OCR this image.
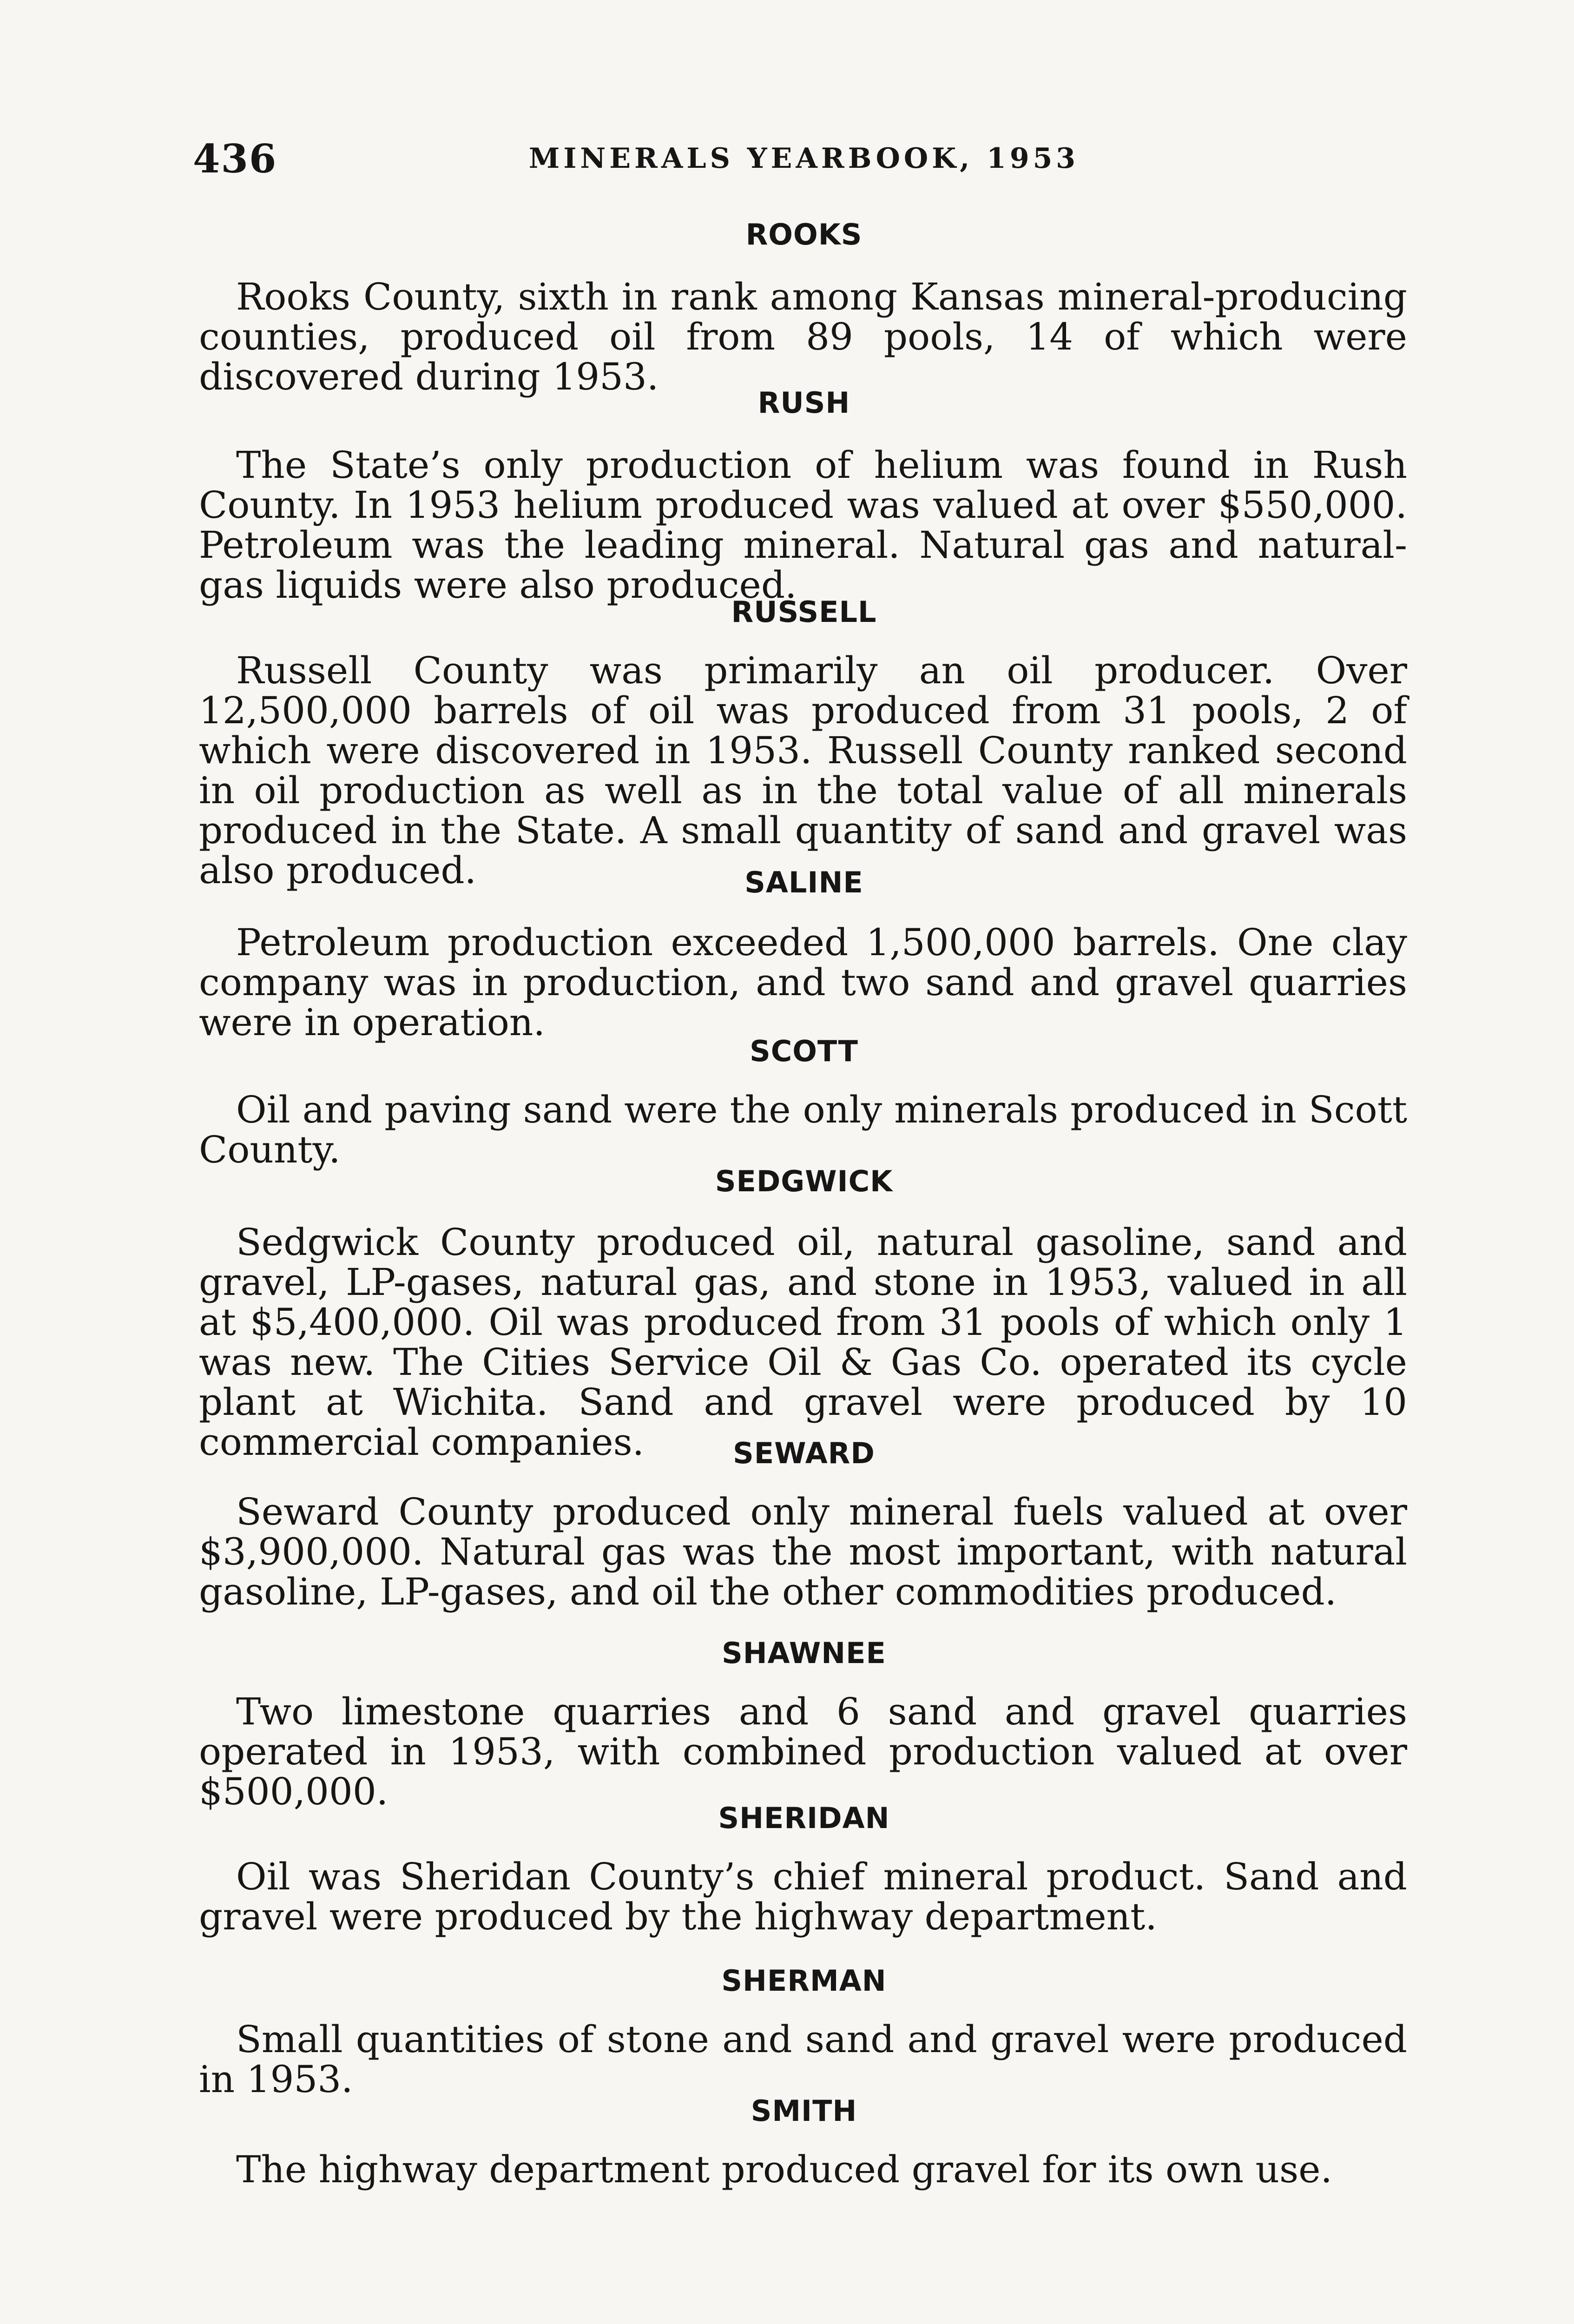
436	MINERALS YEARBOOK, 1953
ROOKS

Rooks County, sixth in rank among Kansas mineral-producing counties, produced oil from 89 pools, 14 of which were discovered during 1953.

RUSH

The State’s only production of helium was found in Rush County. In 1953 helium produced was valued at over $550,000. Petroleum was the leading mineral. Natural gas and natural-gas liquids were also produced.

RUSSELL

Russell County was primarily an oil producer. Over 12,500,000 barrels of oil was produced from 31 pools, 2 of which were discovered in 1953. Russell County ranked second in oil production as well as in the total value of all minerals produced in the State. A small quantity of sand and gravel was also produced.	SALINE

Petroleum production exceeded 1,500,000 barrels. One clay company was in production, and two sand and gravel quarries were in operation.

SCOTT

Oil and paving sand were the only minerals produced in Scott County.

SEDGWICK

Sedgwick County produced oil, natural gasoline, sand and gravel, LP-gases, natural gas, and stone in 1953, valued in all at $5,400,000. Oil was produced from 31 pools of which only 1 was new. The Cities Service Oil & Gas Co. operated its cycle plant at Wichita. Sand and gravel were produced by 10 commercial companies.	SEWARD

Seward County produced only mineral fuels valued at over $3,900,000. Natural gas was the most important, with natural gasoline, LP-gases, and oil the other commodities produced.

SHAWNEE

Two limestone quarries and 6 sand and gravel quarries operated in 1953, with combined production valued at over $500,000.

SHERIDAN

Oil was Sheridan County’s chief mineral product. Sand and gravel were produced by the highway department.

SHERMAN

Small quantities of stone and sand and gravel were produced in 1953.

SMITH

The highway department produced gravel for its own use.
